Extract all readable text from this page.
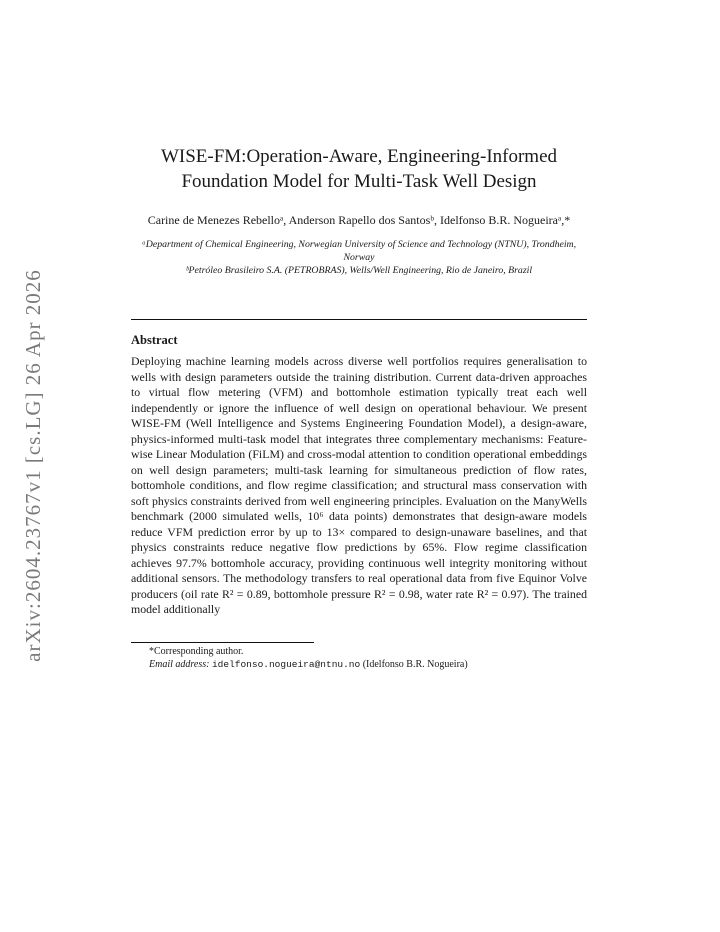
arXiv:2604.23767v1 [cs.LG] 26 Apr 2026
WISE-FM:Operation-Aware, Engineering-Informed Foundation Model for Multi-Task Well Design
Carine de Menezes Rebelloᵃ, Anderson Rapello dos Santosᵇ, Idelfonso B.R. Nogueiraᵃ,*
ᵃDepartment of Chemical Engineering, Norwegian University of Science and Technology (NTNU), Trondheim, Norway
ᵇPetróleo Brasileiro S.A. (PETROBRAS), Wells/Well Engineering, Rio de Janeiro, Brazil
Abstract
Deploying machine learning models across diverse well portfolios requires generalisation to wells with design parameters outside the training distribution. Current data-driven approaches to virtual flow metering (VFM) and bottomhole estimation typically treat each well independently or ignore the influence of well design on operational behaviour. We present WISE-FM (Well Intelligence and Systems Engineering Foundation Model), a design-aware, physics-informed multi-task model that integrates three complementary mechanisms: Feature-wise Linear Modulation (FiLM) and cross-modal attention to condition operational embeddings on well design parameters; multi-task learning for simultaneous prediction of flow rates, bottomhole conditions, and flow regime classification; and structural mass conservation with soft physics constraints derived from well engineering principles. Evaluation on the ManyWells benchmark (2000 simulated wells, 10⁶ data points) demonstrates that design-aware models reduce VFM prediction error by up to 13× compared to design-unaware baselines, and that physics constraints reduce negative flow predictions by 65%. Flow regime classification achieves 97.7% bottomhole accuracy, providing continuous well integrity monitoring without additional sensors. The methodology transfers to real operational data from five Equinor Volve producers (oil rate R² = 0.89, bottomhole pressure R² = 0.98, water rate R² = 0.97). The trained model additionally
*Corresponding author.
Email address: idelfonso.nogueira@ntnu.no (Idelfonso B.R. Nogueira)
